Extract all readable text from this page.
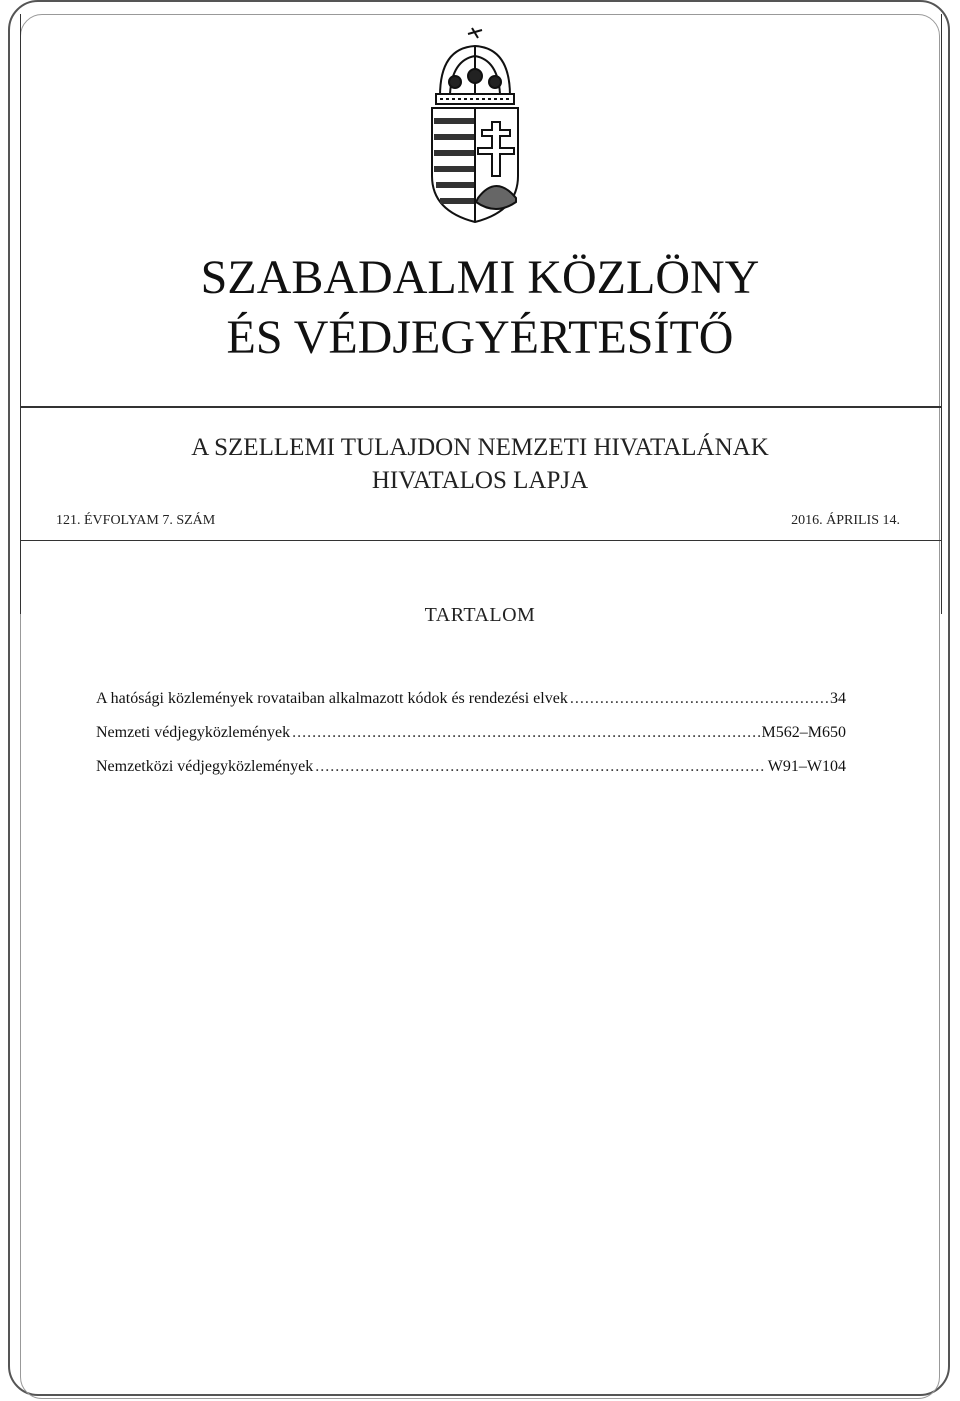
SZABADALMI KÖZLÖNY
ÉS VÉDJEGYÉRTESÍTŐ
A SZELLEMI TULAJDON NEMZETI HIVATALÁNAK
HIVATALOS LAPJA
121. ÉVFOLYAM 7. SZÁM	2016. ÁPRILIS 14.
TARTALOM
A hatósági közlemények rovataiban alkalmazott kódok és rendezési elvek .....	34
Nemzeti védjegyközlemények .....	M562–M650
Nemzetközi védjegyközlemények .....	W91–W104
